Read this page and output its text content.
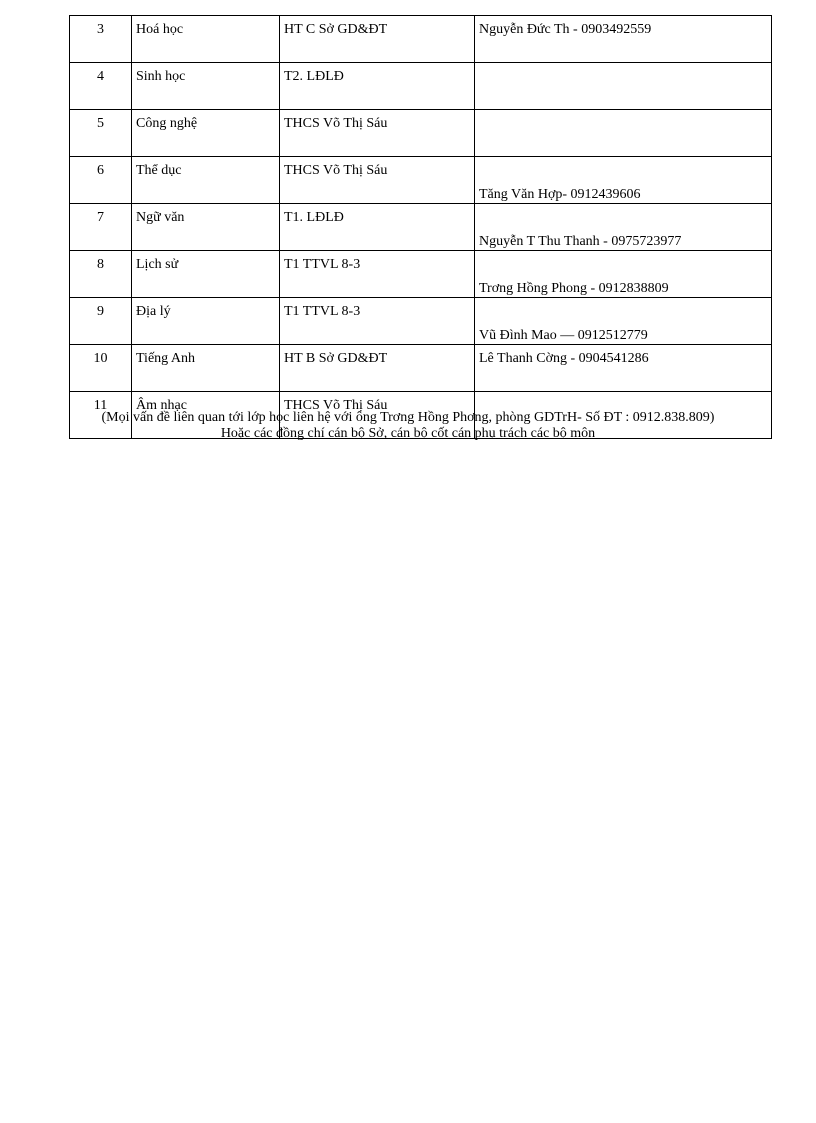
3	Hoá học	HT C Sở GD&ĐT	Nguyễn Đức Th - 0903492559

4	Sinh học	T2. LĐLĐ	

5	Công nghệ	THCS Võ Thị Sáu	

6	Thể dục	THCS Võ Thị Sáu	Tăng Văn Hợp- 0912439606

7	Ngữ văn	T1. LĐLĐ	Nguyễn T Thu Thanh - 0975723977

8	Lịch sử	T1 TTVL 8-3	Trơng Hồng Phong - 0912838809

9	Địa lý	T1 TTVL 8-3	Vũ Đình Mao — 0912512779

10	Tiếng Anh	HT B Sở GD&ĐT	Lê Thanh Cờng - 0904541286

11	Âm nhạc	THCS Võ Thị Sáu	
(Mọi vấn đề liên quan tới lớp học liên hệ với ông Trơng Hồng Phơng, phòng GDTrH- Số ĐT : 0912.838.809)
Hoặc các đồng chí cán bộ Sở, cán bộ cốt cán phụ trách các bộ môn
